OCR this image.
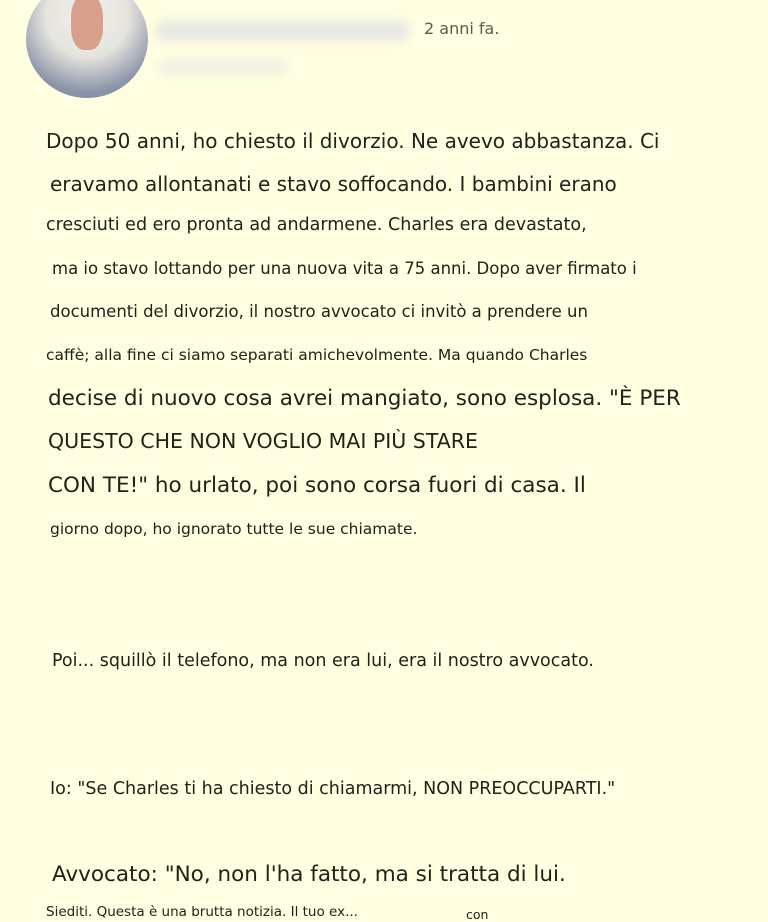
2 anni fa.
Dopo 50 anni, ho chiesto il divorzio. Ne avevo abbastanza. Ci
eravamo allontanati e stavo soffocando. I bambini erano
cresciuti ed ero pronta ad andarmene. Charles era devastato,
ma io stavo lottando per una nuova vita a 75 anni. Dopo aver firmato i
documenti del divorzio, il nostro avvocato ci invitò a prendere un
caffè; alla fine ci siamo separati amichevolmente. Ma quando Charles
decise di nuovo cosa avrei mangiato, sono esplosa. "È PER
QUESTO CHE NON VOGLIO MAI PIÙ STARE
CON TE!" ho urlato, poi sono corsa fuori di casa. Il
giorno dopo, ho ignorato tutte le sue chiamate.
Poi... squillò il telefono, ma non era lui, era il nostro avvocato.
Io: "Se Charles ti ha chiesto di chiamarmi, NON PREOCCUPARTI."
Avvocato: "No, non l'ha fatto, ma si tratta di lui.
Siediti. Questa è una brutta notizia. Il tuo ex...	con
